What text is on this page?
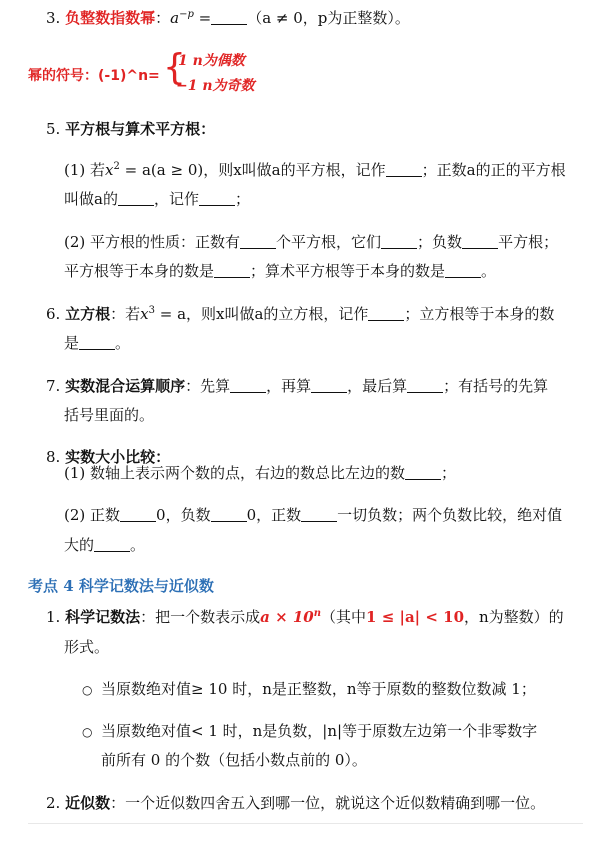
3. 负整数指数幂：$a^{-p} = (a \ne 0$，p为正整数）。
幂的符号：(-1)^n= {
1 n为偶数
−1 n为奇数
5. 平方根与算术平方根：
(1) 若$x^2 = a(a \ge 0)$，则x叫做a的平方根，记作 ；正数a的正的平方根
叫做a的 ，记作 ；
(2) 平方根的性质：正数有 个平方根，它们 ；负数 平方根；
平方根等于本身的数是 ；算术平方根等于本身的数是 。
6. 立方根：若$x^3 = a$，则x叫做a的立方根，记作 ；立方根等于本身的数
是 。
7. 实数混合运算顺序：先算 ，再算 ，最后算 ；有括号的先算
括号里面的。
8. 实数大小比较：
(1) 数轴上表示两个数的点，右边的数总比左边的数 ；
(2) 正数 0，负数 0，正数 一切负数；两个负数比较，绝对值
大的 。
考点 4 科学记数法与近似数
1. 科学记数法：把一个数表示成$a \times 10^n$（其中1 ≤ |a| < 10，n为整数）的
形式。
○ 当原数绝对值≥ 10 时，n是正整数，n等于原数的整数位数减 1；
○ 当原数绝对值< 1 时，n是负数，|n|等于原数左边第一个非零数字
前所有 0 的个数（包括小数点前的 0）。
2. 近似数：一个近似数四舍五入到哪一位，就说这个近似数精确到哪一位。
